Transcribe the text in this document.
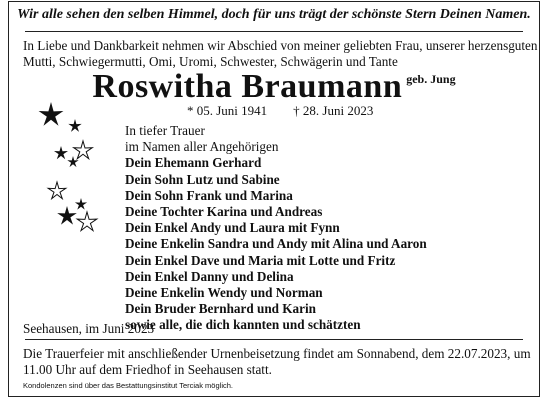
Wir alle sehen den selben Himmel, doch für uns trägt der schönste Stern Deinen Namen.
In Liebe und Dankbarkeit nehmen wir Abschied von meiner geliebten Frau, unserer herzensguten
Mutti, Schwiegermutti, Omi, Uromi, Schwester, Schwägerin und Tante
Roswitha Braumann $^{geb. Jung}$
* 05. Juni 1941 † 28. Juni 2023
In tiefer Trauer
im Namen aller Angehörigen
Dein Ehemann Gerhard
Dein Sohn Lutz und Sabine
Dein Sohn Frank und Marina
Deine Tochter Karina und Andreas
Dein Enkel Andy und Laura mit Fynn
Deine Enkelin Sandra und Andy mit Alina und Aaron
Dein Enkel Dave und Maria mit Lotte und Fritz
Dein Enkel Danny und Delina
Deine Enkelin Wendy und Norman
Dein Bruder Bernhard und Karin
sowie alle, die dich kannten und schätzten
Seehausen, im Juni 2023
Die Trauerfeier mit anschließender Urnenbeisetzung findet am Sonnabend, dem 22.07.2023, um
11.00 Uhr auf dem Friedhof in Seehausen statt.
Kondolenzen sind über das Bestattungsinstitut Terciak möglich.
